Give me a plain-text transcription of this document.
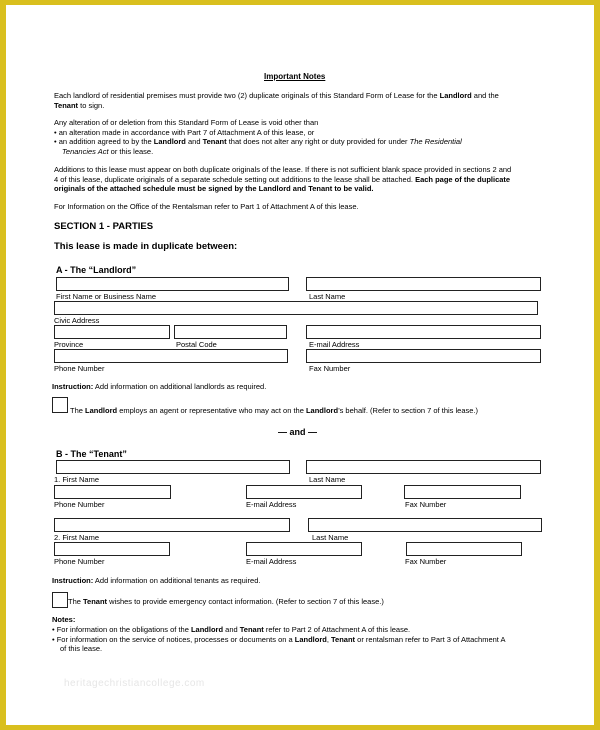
Important Notes
Each landlord of residential premises must provide two (2) duplicate originals of this Standard Form of Lease for the Landlord and the
Tenant to sign.
Any alteration of or deletion from this Standard Form of Lease is void other than
• an alteration made in accordance with Part 7 of Attachment A of this lease, or
• an addition agreed to by the Landlord and Tenant that does not alter any right or duty provided for under The Residential
Tenancies Act or this lease.
Additions to this lease must appear on both duplicate originals of the lease. If there is not sufficient blank space provided in sections 2 and
4 of this lease, duplicate originals of a separate schedule setting out additions to the lease shall be attached. Each page of the duplicate
originals of the attached schedule must be signed by the Landlord and Tenant to be valid.
For Information on the Office of the Rentalsman refer to Part 1 of Attachment A of this lease.
SECTION 1 - PARTIES
This lease is made in duplicate between:
A - The “Landlord”
First Name or Business Name	Last Name
Civic Address
Province	Postal Code	E-mail Address
Phone Number	Fax Number
Instruction: Add information on additional landlords as required.
The Landlord employs an agent or representative who may act on the Landlord’s behalf. (Refer to section 7 of this lease.)
— and —
B - The “Tenant”
1. First Name	Last Name
Phone Number	E-mail Address	Fax Number
2. First Name	Last Name
Phone Number	E-mail Address	Fax Number
Instruction: Add information on additional tenants as required.
The Tenant wishes to provide emergency contact information. (Refer to section 7 of this lease.)
Notes:
• For information on the obligations of the Landlord and Tenant refer to Part 2 of Attachment A of this lease.
• For information on the service of notices, processes or documents on a Landlord, Tenant or rentalsman refer to Part 3 of Attachment A
of this lease.
heritagechristiancollege.com
